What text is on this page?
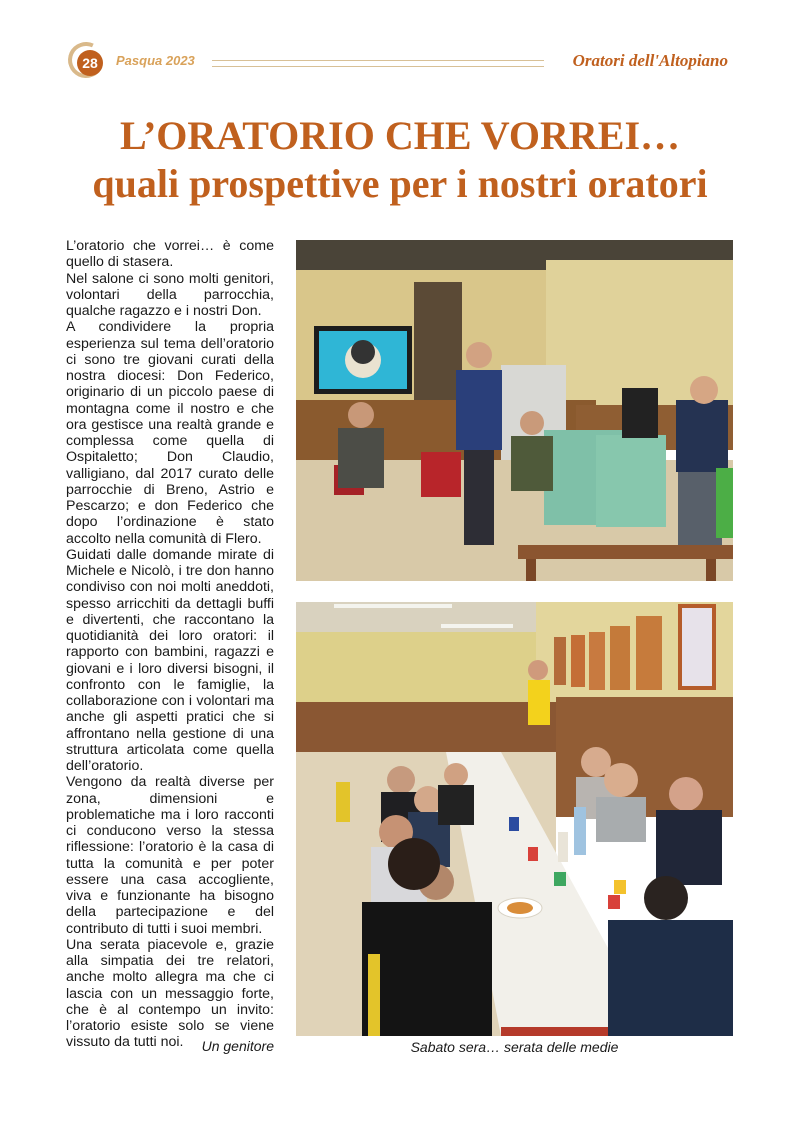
28	Pasqua 2023	Oratori dell'Altopiano
L’ORATORIO CHE VORREI…
quali prospettive per i nostri oratori

L’oratorio che vorrei… è come quello di stasera.

Nel salone ci sono molti genitori, volontari della parrocchia, qualche ragazzo e i nostri Don.

A condividere la propria esperienza sul tema dell’oratorio ci sono tre giovani curati della nostra diocesi: Don Federico, originario di un piccolo paese di montagna come il nostro e che ora gestisce una realtà grande e complessa come quella di Ospitaletto; Don Claudio, valligiano, dal 2017 curato delle parrocchie di Breno, Astrio e Pescarzo; e don Federico che dopo l’ordinazione è stato accolto nella comunità di Flero.

Guidati dalle domande mirate di Michele e Nicolò, i tre don hanno condiviso con noi molti aneddoti, spesso arricchiti da dettagli buffi e divertenti, che raccontano la quotidianità dei loro oratori: il rapporto con bambini, ragazzi e giovani e i loro diversi bisogni, il confronto con le famiglie, la collaborazione con i volontari ma anche gli aspetti pratici che si affrontano nella gestione di una struttura articolata come quella dell’oratorio.

Vengono da realtà diverse per zona, dimensioni e problematiche ma i loro racconti ci conducono verso la stessa riflessione: l’oratorio è la casa di tutta la comunità e per poter essere una casa accogliente, viva e funzionante ha bisogno della partecipazione e del contributo di tutti i suoi membri.

Una serata piacevole e, grazie alla simpatia dei tre relatori, anche molto allegra ma che ci lascia con un messaggio forte, che è al contempo un invito: l’oratorio esiste solo se viene vissuto da tutti noi.	Un genitore	Sabato sera… serata delle medie
